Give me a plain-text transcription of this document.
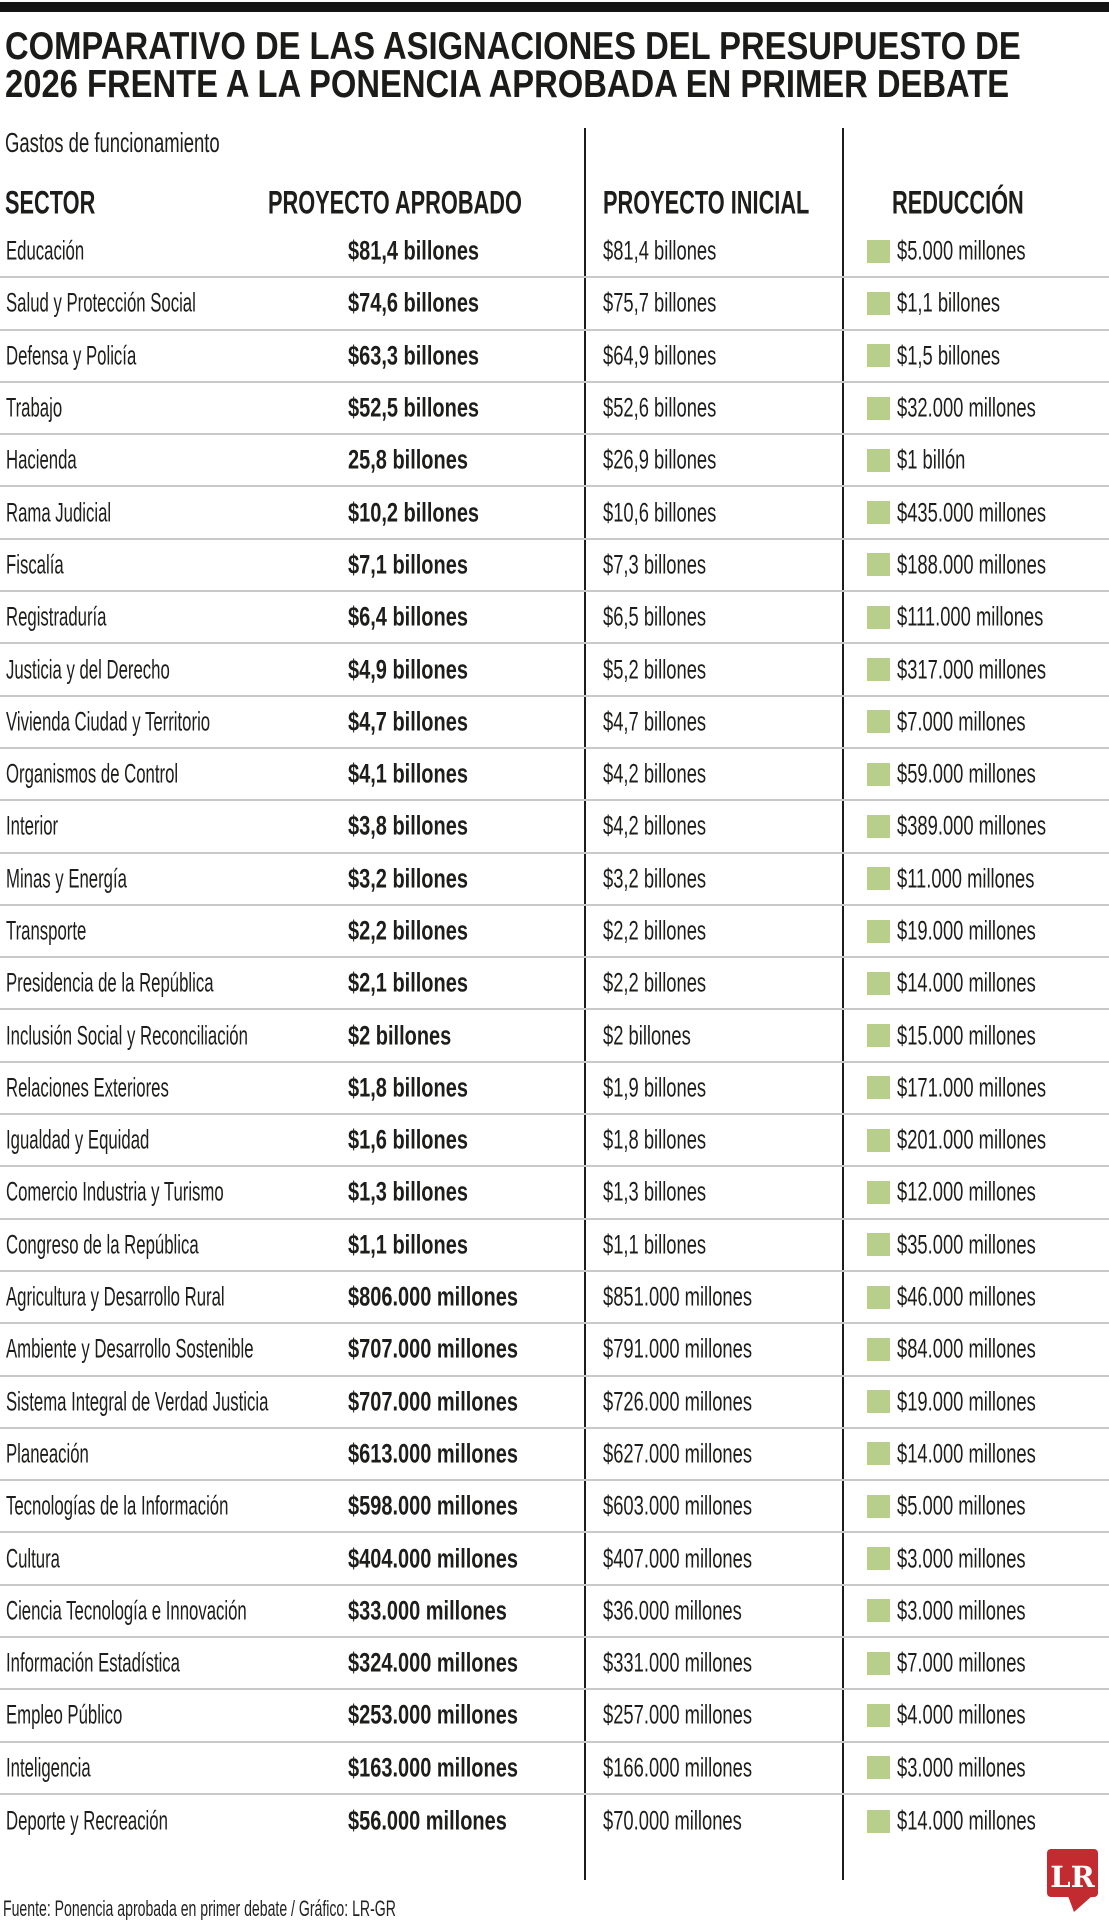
COMPARATIVO DE LAS ASIGNACIONES DEL PRESUPUESTO DE
2026 FRENTE A LA PONENCIA APROBADA EN PRIMER DEBATE
Gastos de funcionamiento
SECTOR	PROYECTO APROBADO	PROYECTO INICIAL	REDUCCIÓN
Educación	$81,4 billones	$81,4 billones	$5.000 millones
Salud y Protección Social	$74,6 billones	$75,7 billones	$1,1 billones
Defensa y Policía	$63,3 billones	$64,9 billones	$1,5 billones
Trabajo	$52,5 billones	$52,6 billones	$32.000 millones
Hacienda	25,8 billones	$26,9 billones	$1 billón
Rama Judicial	$10,2 billones	$10,6 billones	$435.000 millones
Fiscalía	$7,1 billones	$7,3 billones	$188.000 millones
Registraduría	$6,4 billones	$6,5 billones	$111.000 millones
Justicia y del Derecho	$4,9 billones	$5,2 billones	$317.000 millones
Vivienda Ciudad y Territorio	$4,7 billones	$4,7 billones	$7.000 millones
Organismos de Control	$4,1 billones	$4,2 billones	$59.000 millones
Interior	$3,8 billones	$4,2 billones	$389.000 millones
Minas y Energía	$3,2 billones	$3,2 billones	$11.000 millones
Transporte	$2,2 billones	$2,2 billones	$19.000 millones
Presidencia de la República	$2,1 billones	$2,2 billones	$14.000 millones
Inclusión Social y Reconciliación	$2 billones	$2 billones	$15.000 millones
Relaciones Exteriores	$1,8 billones	$1,9 billones	$171.000 millones
Igualdad y Equidad	$1,6 billones	$1,8 billones	$201.000 millones
Comercio Industria y Turismo	$1,3 billones	$1,3 billones	$12.000 millones
Congreso de la República	$1,1 billones	$1,1 billones	$35.000 millones
Agricultura y Desarrollo Rural	$806.000 millones	$851.000 millones	$46.000 millones
Ambiente y Desarrollo Sostenible	$707.000 millones	$791.000 millones	$84.000 millones
Sistema Integral de Verdad Justicia	$707.000 millones	$726.000 millones	$19.000 millones
Planeación	$613.000 millones	$627.000 millones	$14.000 millones
Tecnologías de la Información	$598.000 millones	$603.000 millones	$5.000 millones
Cultura	$404.000 millones	$407.000 millones	$3.000 millones
Ciencia Tecnología e Innovación	$33.000 millones	$36.000 millones	$3.000 millones
Información Estadística	$324.000 millones	$331.000 millones	$7.000 millones
Empleo Público	$253.000 millones	$257.000 millones	$4.000 millones
Inteligencia	$163.000 millones	$166.000 millones	$3.000 millones
Deporte y Recreación	$56.000 millones	$70.000 millones	$14.000 millones
Fuente: Ponencia aprobada en primer debate / Gráfico: LR-GR
LR
